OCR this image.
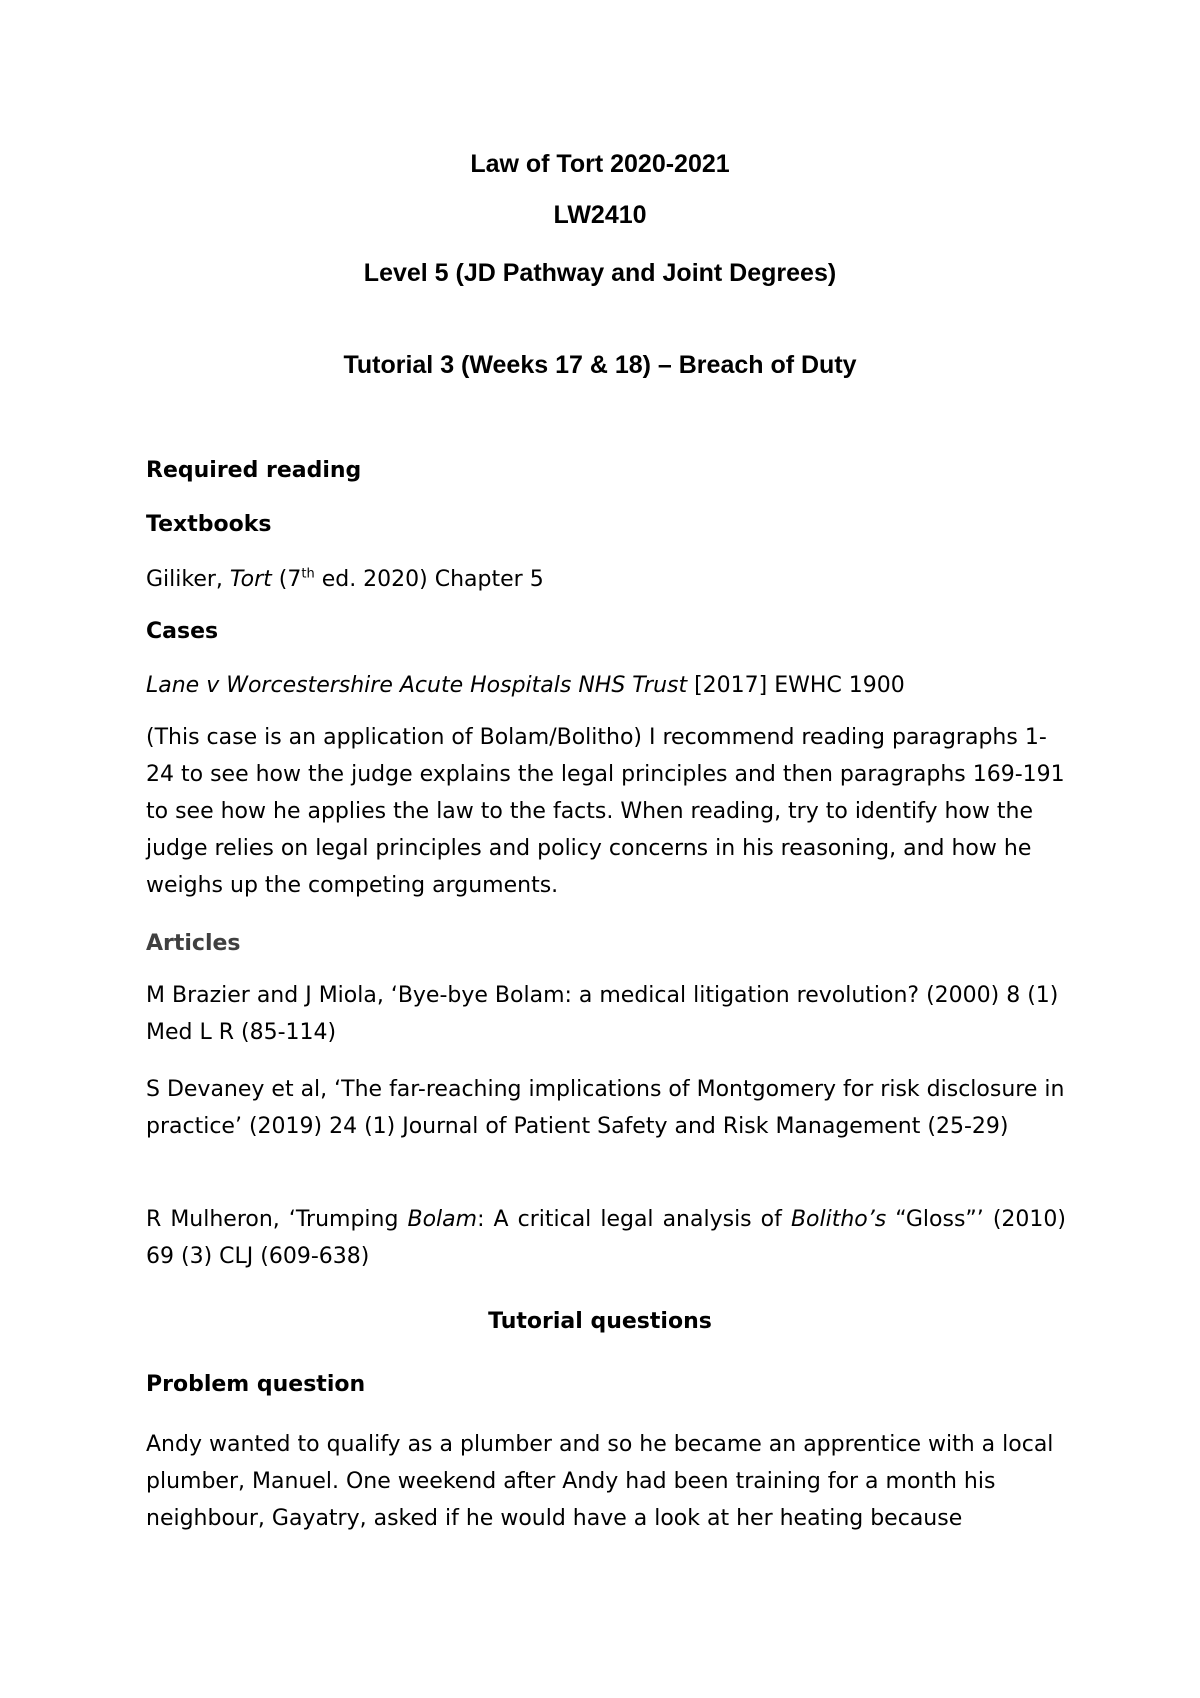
Law of Tort 2020-2021
LW2410
Level 5 (JD Pathway and Joint Degrees)
Tutorial 3 (Weeks 17 & 18) – Breach of Duty
Required reading
Textbooks
Giliker, Tort (7th ed. 2020) Chapter 5
Cases
Lane v Worcestershire Acute Hospitals NHS Trust [2017] EWHC 1900
(This case is an application of Bolam/Bolitho) I recommend reading paragraphs 1-24 to see how the judge explains the legal principles and then paragraphs 169-191 to see how he applies the law to the facts. When reading, try to identify how the judge relies on legal principles and policy concerns in his reasoning, and how he weighs up the competing arguments.
Articles
M Brazier and J Miola, ‘Bye-bye Bolam: a medical litigation revolution? (2000) 8 (1) Med L R (85-114)
S Devaney et al, ‘The far-reaching implications of Montgomery for risk disclosure in practice’ (2019) 24 (1) Journal of Patient Safety and Risk Management (25-29)
R Mulheron, ‘Trumping Bolam: A critical legal analysis of Bolitho’s “Gloss”’ (2010) 69 (3) CLJ (609-638)
Tutorial questions
Problem question
Andy wanted to qualify as a plumber and so he became an apprentice with a local plumber, Manuel. One weekend after Andy had been training for a month his neighbour, Gayatry, asked if he would have a look at her heating because
